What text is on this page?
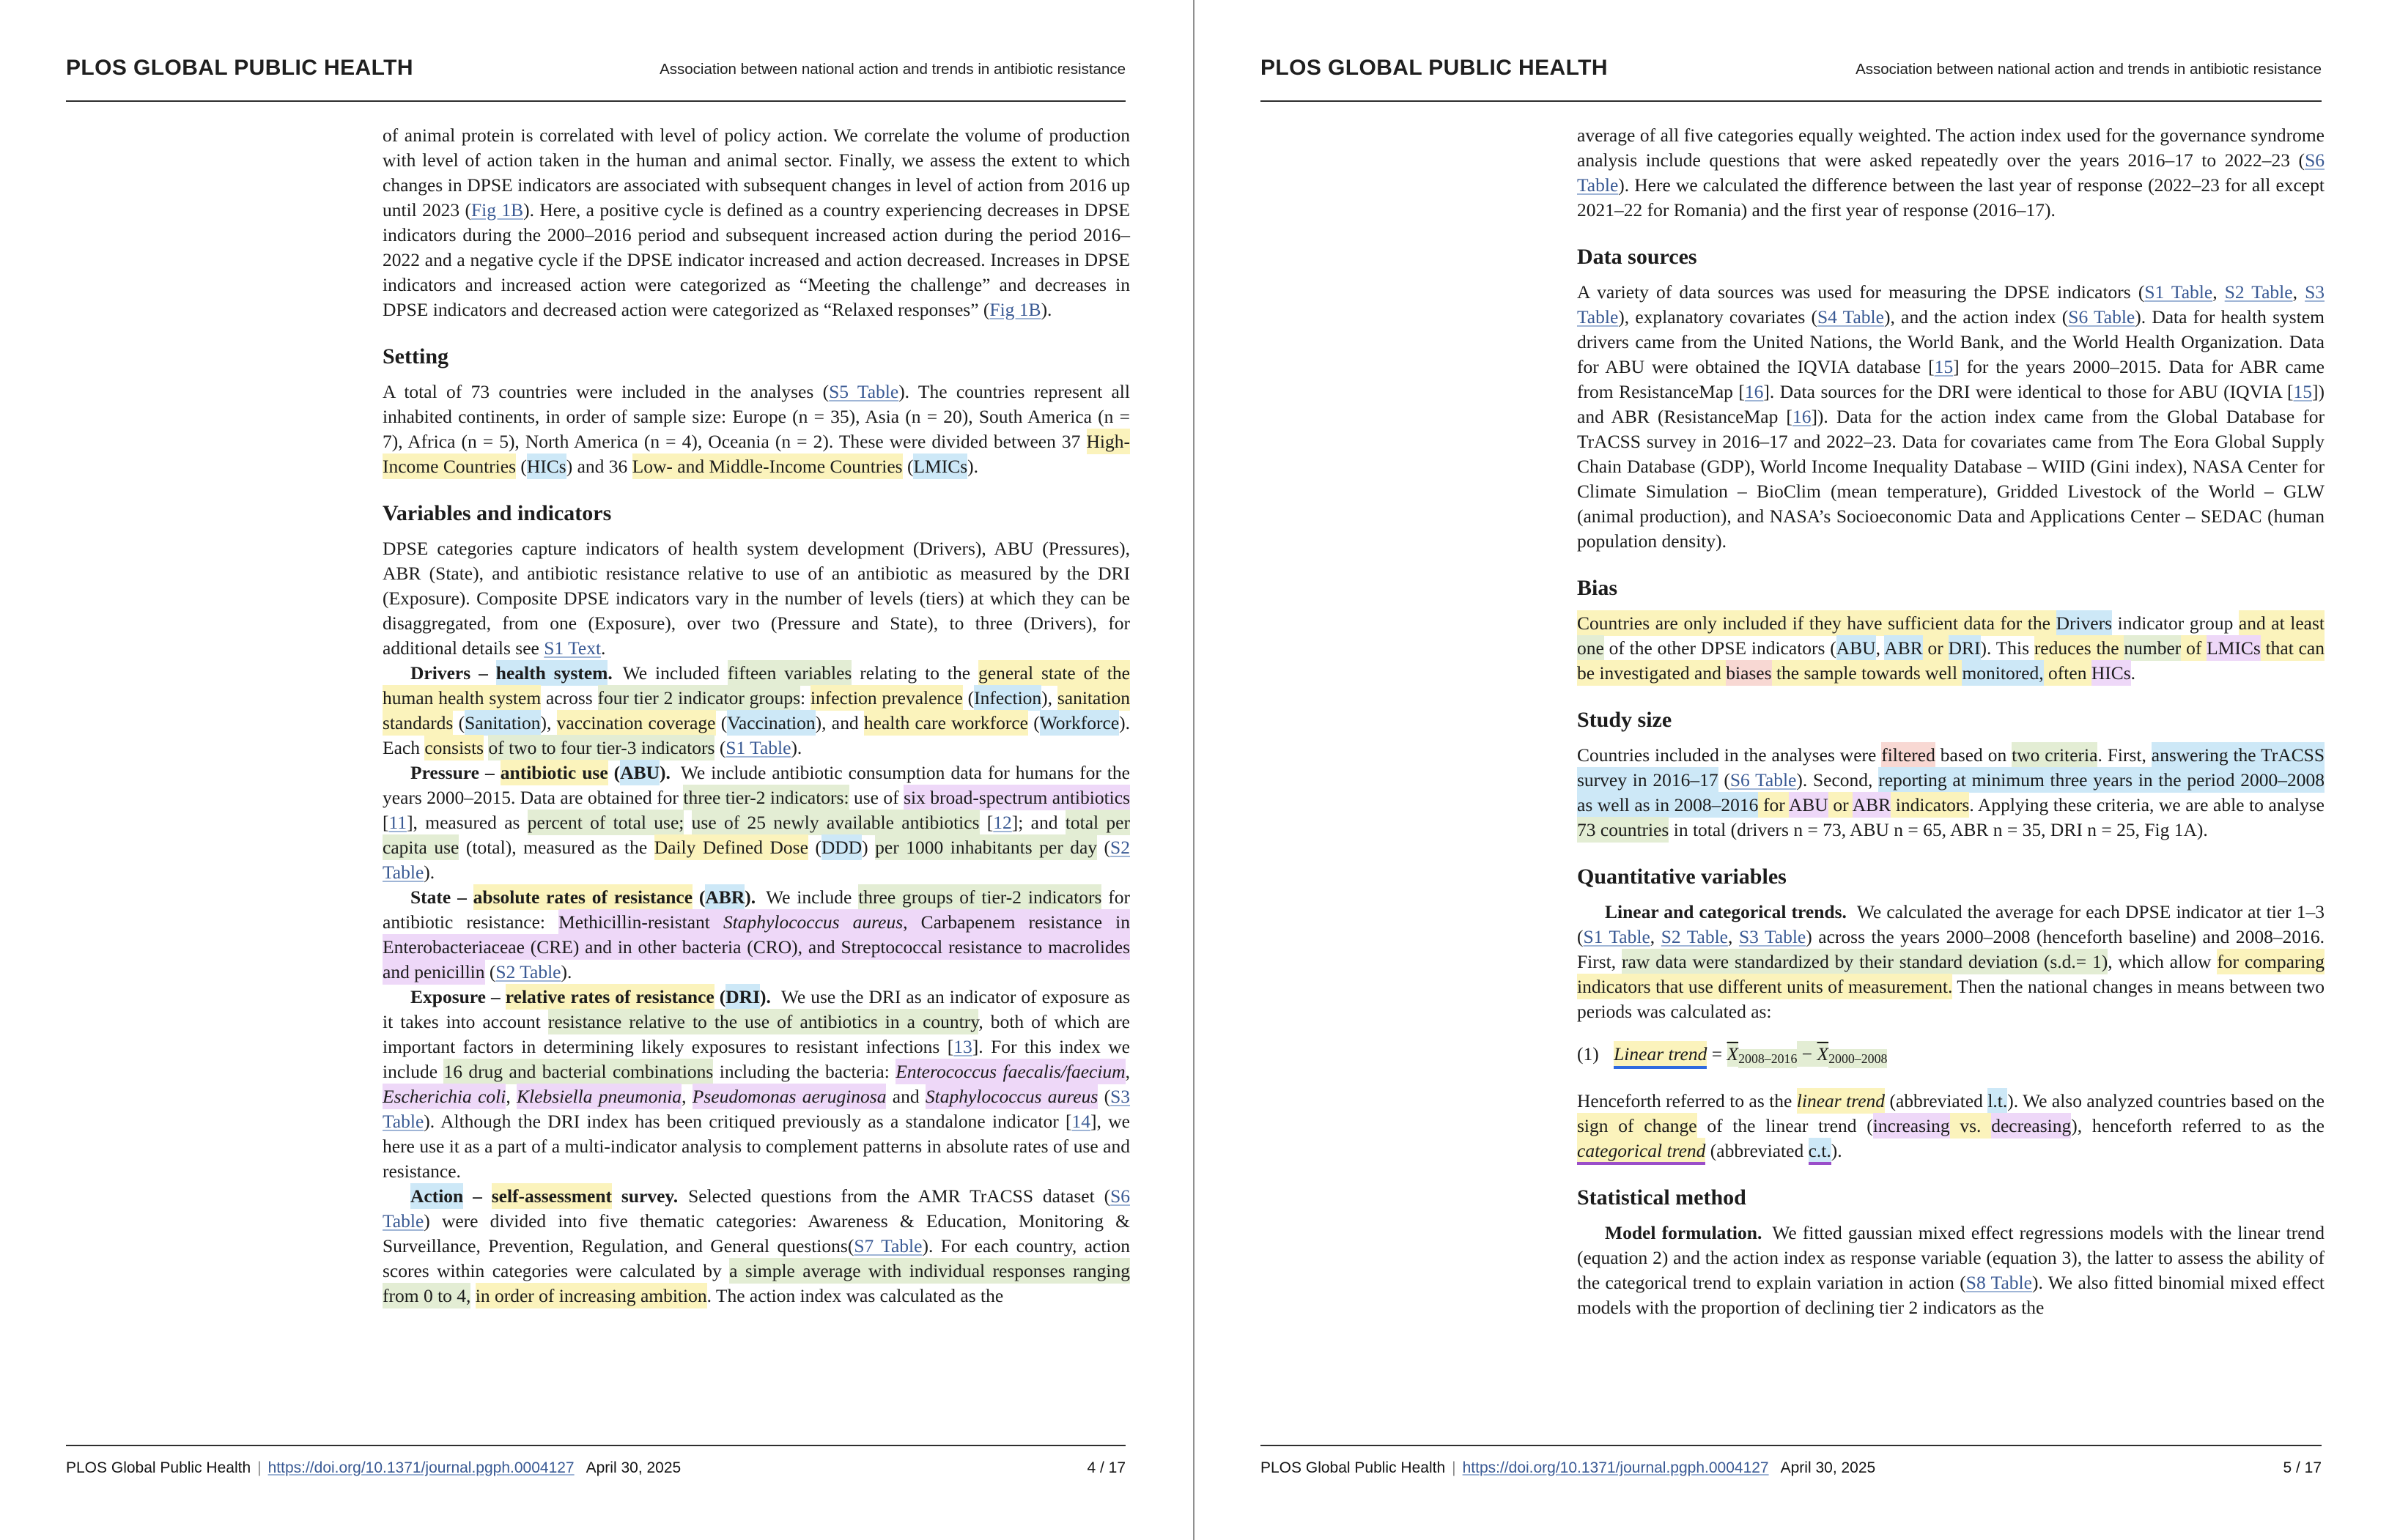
PLOS GLOBAL PUBLIC HEALTH	Association between national action and trends in antibiotic resistance

of animal protein is correlated with level of policy action. We correlate the volume of production with level of action taken in the human and animal sector. Finally, we assess the extent to which changes in DPSE indicators are associated with subsequent changes in level of action from 2016 up until 2023 (Fig 1B). Here, a positive cycle is defined as a country experiencing decreases in DPSE indicators during the 2000–2016 period and subsequent increased action during the period 2016–2022 and a negative cycle if the DPSE indicator increased and action decreased. Increases in DPSE indicators and increased action were categorized as “Meeting the challenge” and decreases in DPSE indicators and decreased action were categorized as “Relaxed responses” (Fig 1B).

Setting

A total of 73 countries were included in the analyses (S5 Table). The countries represent all inhabited continents, in order of sample size: Europe (n = 35), Asia (n = 20), South America (n = 7), Africa (n = 5), North America (n = 4), Oceania (n = 2). These were divided between 37 High-Income Countries (HICs) and 36 Low- and Middle-Income Countries (LMICs).

Variables and indicators

DPSE categories capture indicators of health system development (Drivers), ABU (Pressures), ABR (State), and antibiotic resistance relative to use of an antibiotic as measured by the DRI (Exposure). Composite DPSE indicators vary in the number of levels (tiers) at which they can be disaggregated, from one (Exposure), over two (Pressure and State), to three (Drivers), for additional details see S1 Text.

Drivers – health system. We included fifteen variables relating to the general state of the human health system across four tier 2 indicator groups: infection prevalence (Infection), sanitation standards (Sanitation), vaccination coverage (Vaccination), and health care workforce (Workforce). Each consists of two to four tier-3 indicators (S1 Table).

Pressure – antibiotic use (ABU). We include antibiotic consumption data for humans for the years 2000–2015. Data are obtained for three tier-2 indicators: use of six broad-spectrum antibiotics [11], measured as percent of total use; use of 25 newly available antibiotics [12]; and total per capita use (total), measured as the Daily Defined Dose (DDD) per 1000 inhabitants per day (S2 Table).

State – absolute rates of resistance (ABR). We include three groups of tier-2 indicators for antibiotic resistance: Methicillin-resistant Staphylococcus aureus, Carbapenem resistance in Enterobacteriaceae (CRE) and in other bacteria (CRO), and Streptococcal resistance to macrolides and penicillin (S2 Table).

Exposure – relative rates of resistance (DRI). We use the DRI as an indicator of exposure as it takes into account resistance relative to the use of antibiotics in a country, both of which are important factors in determining likely exposures to resistant infections [13]. For this index we include 16 drug and bacterial combinations including the bacteria: Enterococcus faecalis/faecium, Escherichia coli, Klebsiella pneumonia, Pseudomonas aeruginosa and Staphylococcus aureus (S3 Table). Although the DRI index has been critiqued previously as a standalone indicator [14], we here use it as a part of a multi-indicator analysis to complement patterns in absolute rates of use and resistance.

Action – self-assessment survey. Selected questions from the AMR TrACSS dataset (S6 Table) were divided into five thematic categories: Awareness & Education, Monitoring & Surveillance, Prevention, Regulation, and General questions(S7 Table). For each country, action scores within categories were calculated by a simple average with individual responses ranging from 0 to 4, in order of increasing ambition. The action index was calculated as the

PLOS Global Public Health | https://doi.org/10.1371/journal.pgph.0004127 April 30, 2025	4 / 17
PLOS GLOBAL PUBLIC HEALTH	Association between national action and trends in antibiotic resistance

average of all five categories equally weighted. The action index used for the governance syndrome analysis include questions that were asked repeatedly over the years 2016–17 to 2022–23 (S6 Table). Here we calculated the difference between the last year of response (2022–23 for all except 2021–22 for Romania) and the first year of response (2016–17).

Data sources

A variety of data sources was used for measuring the DPSE indicators (S1 Table, S2 Table, S3 Table), explanatory covariates (S4 Table), and the action index (S6 Table). Data for health system drivers came from the United Nations, the World Bank, and the World Health Organization. Data for ABU were obtained the IQVIA database [15] for the years 2000–2015. Data for ABR came from ResistanceMap [16]. Data sources for the DRI were identical to those for ABU (IQVIA [15]) and ABR (ResistanceMap [16]). Data for the action index came from the Global Database for TrACSS survey in 2016–17 and 2022–23. Data for covariates came from The Eora Global Supply Chain Database (GDP), World Income Inequality Database – WIID (Gini index), NASA Center for Climate Simulation – BioClim (mean temperature), Gridded Livestock of the World – GLW (animal production), and NASA’s Socioeconomic Data and Applications Center – SEDAC (human population density).

Bias

Countries are only included if they have sufficient data for the Drivers indicator group and at least one of the other DPSE indicators (ABU, ABR or DRI). This reduces the number of LMICs that can be investigated and biases the sample towards well monitored, often HICs.

Study size

Countries included in the analyses were filtered based on two criteria. First, answering the TrACSS survey in 2016–17 (S6 Table). Second, reporting at minimum three years in the period 2000–2008 as well as in 2008–2016 for ABU or ABR indicators. Applying these criteria, we are able to analyse 73 countries in total (drivers n = 73, ABU n = 65, ABR n = 35, DRI n = 25, Fig 1A).

Quantitative variables

Linear and categorical trends. We calculated the average for each DPSE indicator at tier 1–3 (S1 Table, S2 Table, S3 Table) across the years 2000–2008 (henceforth baseline) and 2008–2016. First, raw data were standardized by their standard deviation (s.d.= 1), which allow for comparing indicators that use different units of measurement. Then the national changes in means between two periods was calculated as:

(1) Linear trend = $\overline{X}2008-2016 - \overline{X}2000-2008$

Henceforth referred to as the linear trend (abbreviated l.t.). We also analyzed countries based on the sign of change of the linear trend (increasing vs. decreasing), henceforth referred to as the categorical trend (abbreviated c.t.).

Statistical method

Model formulation. We fitted gaussian mixed effect regressions models with the linear trend (equation 2) and the action index as response variable (equation 3), the latter to assess the ability of the categorical trend to explain variation in action (S8 Table). We also fitted binomial mixed effect models with the proportion of declining tier 2 indicators as the

PLOS Global Public Health | https://doi.org/10.1371/journal.pgph.0004127 April 30, 2025	5 / 17
